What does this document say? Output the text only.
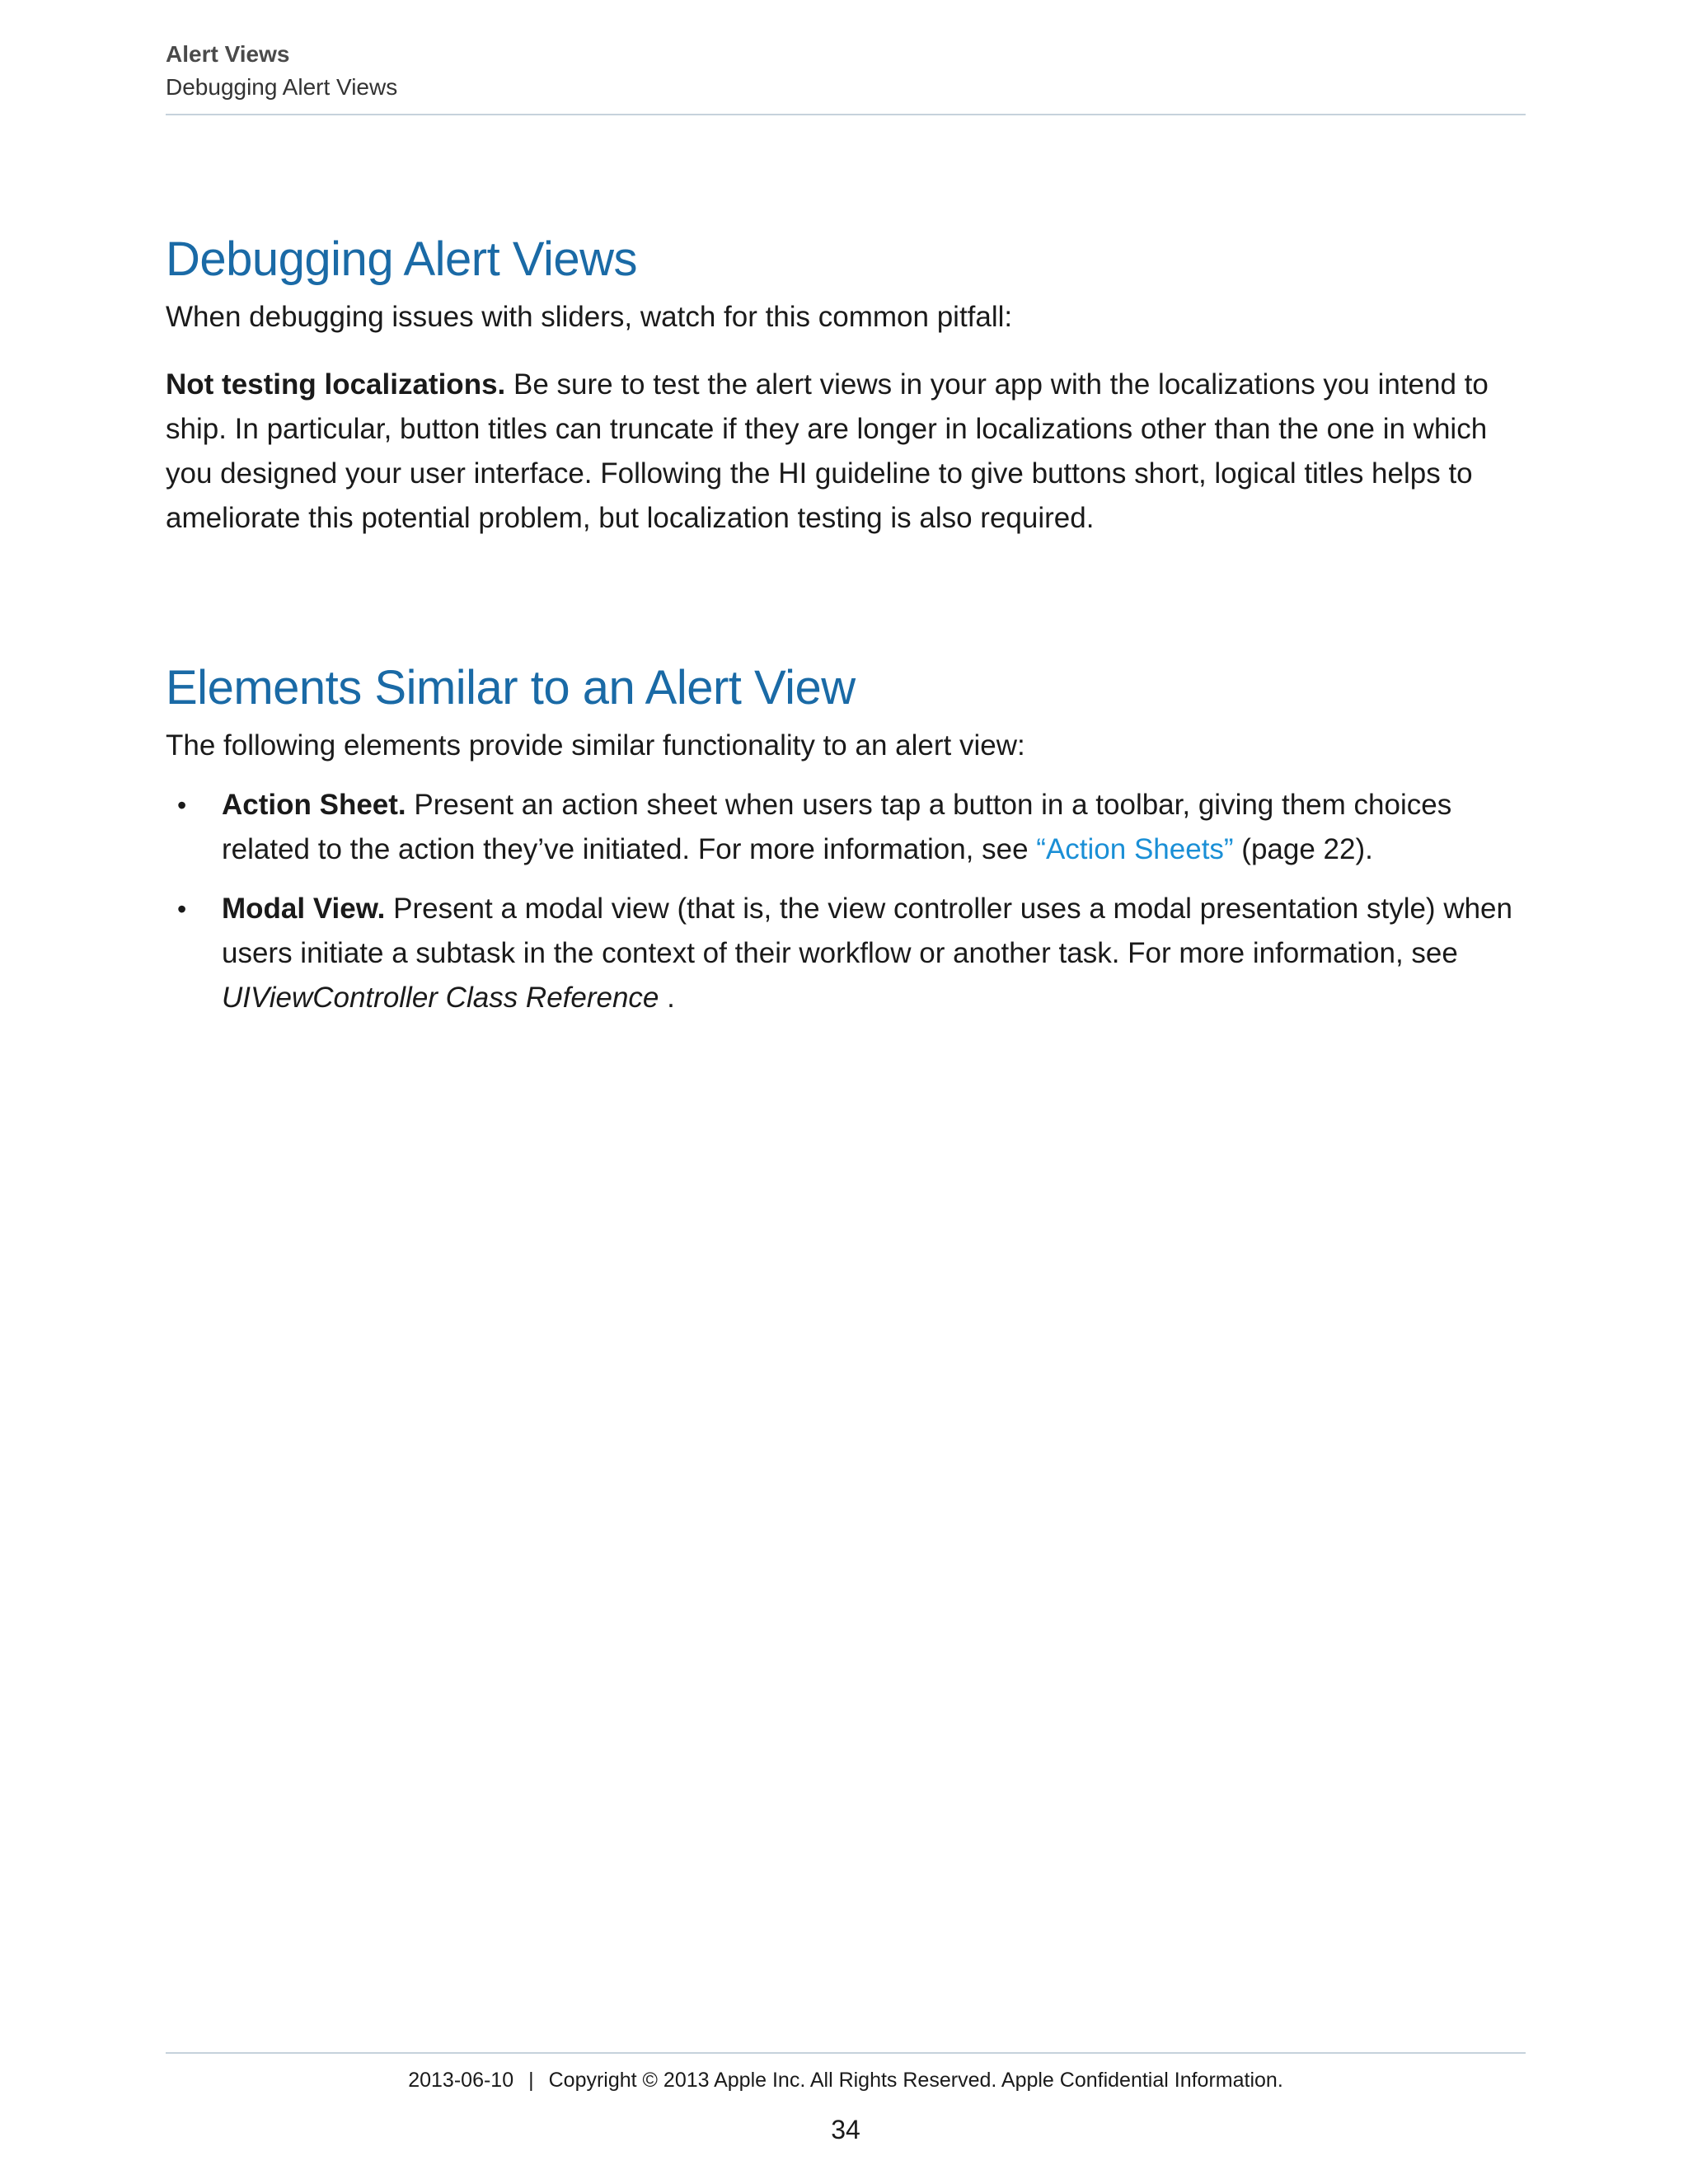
Alert Views
Debugging Alert Views
Debugging Alert Views

When debugging issues with sliders, watch for this common pitfall:

Not testing localizations. Be sure to test the alert views in your app with the localizations you intend to ship. In particular, button titles can truncate if they are longer in localizations other than the one in which you designed your user interface. Following the HI guideline to give buttons short, logical titles helps to ameliorate this potential problem, but localization testing is also required.

Elements Similar to an Alert View

The following elements provide similar functionality to an alert view:

• Action Sheet. Present an action sheet when users tap a button in a toolbar, giving them choices related to the action they’ve initiated. For more information, see “Action Sheets” (page 22).
• Modal View. Present a modal view (that is, the view controller uses a modal presentation style) when users initiate a subtask in the context of their workflow or another task. For more information, see UIViewController Class Reference .
2013-06-10 | Copyright © 2013 Apple Inc. All Rights Reserved. Apple Confidential Information.
34
